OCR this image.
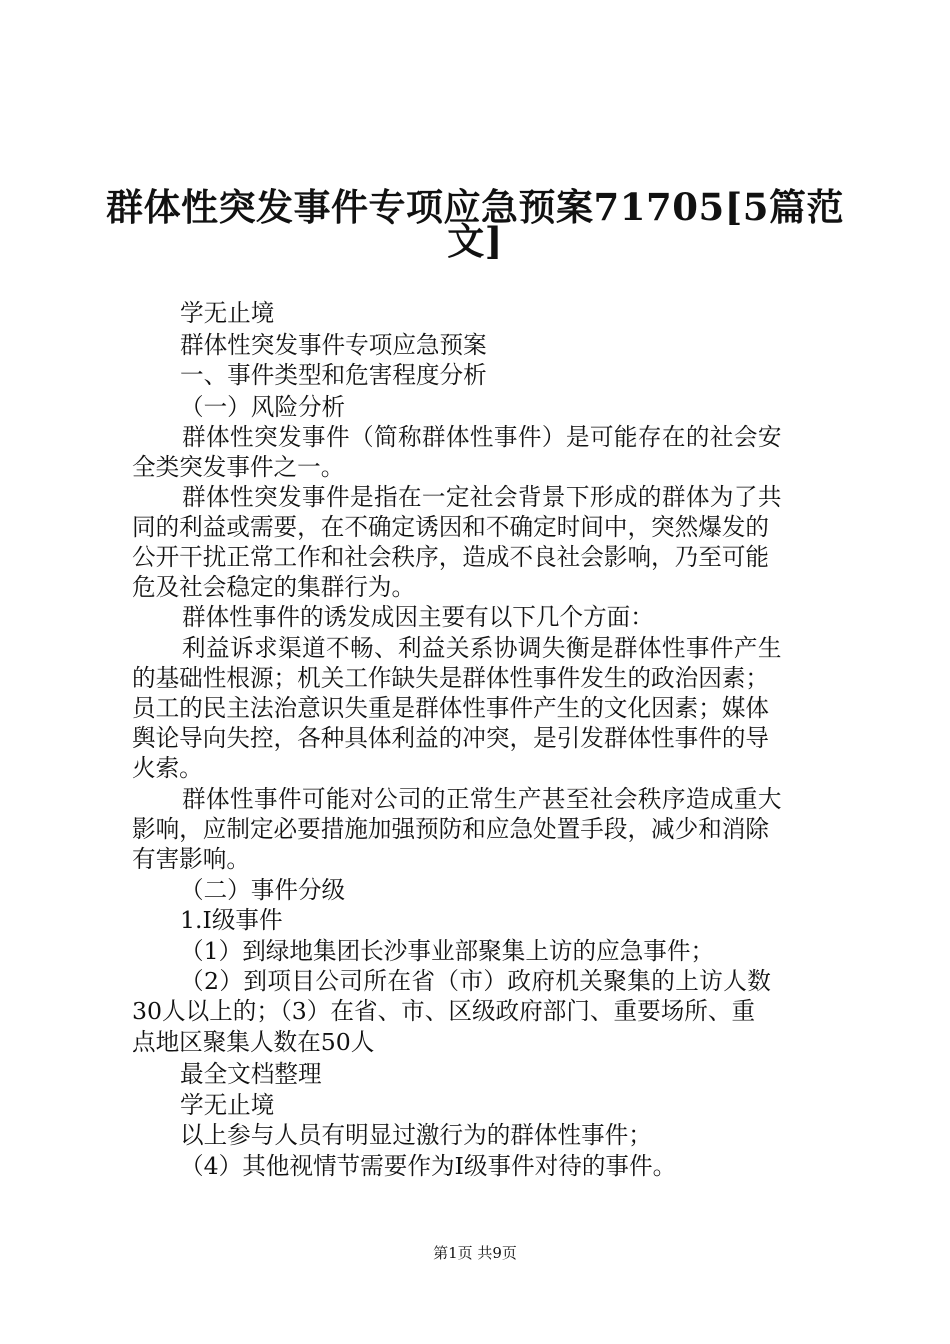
群体性突发事件专项应急预案71705[5篇范
文]

学无止境

群体性突发事件专项应急预案

一、事件类型和危害程度分析

（一）风险分析

群体性突发事件（简称群体性事件）是可能存在的社会安

全类突发事件之一。

群体性突发事件是指在一定社会背景下形成的群体为了共

同的利益或需要，在不确定诱因和不确定时间中，突然爆发的

公开干扰正常工作和社会秩序，造成不良社会影响，乃至可能

危及社会稳定的集群行为。

群体性事件的诱发成因主要有以下几个方面：

利益诉求渠道不畅、利益关系协调失衡是群体性事件产生

的基础性根源；机关工作缺失是群体性事件发生的政治因素；

员工的民主法治意识失重是群体性事件产生的文化因素；媒体

舆论导向失控，各种具体利益的冲突，是引发群体性事件的导

火索。

群体性事件可能对公司的正常生产甚至社会秩序造成重大

影响，应制定必要措施加强预防和应急处置手段，减少和消除

有害影响。

（二）事件分级

1.Ⅰ级事件

（1）到绿地集团长沙事业部聚集上访的应急事件；

（2）到项目公司所在省（市）政府机关聚集的上访人数

30人以上的；（3）在省、市、区级政府部门、重要场所、重

点地区聚集人数在50人

最全文档整理

学无止境

以上参与人员有明显过激行为的群体性事件；

（4）其他视情节需要作为Ⅰ级事件对待的事件。

第1页 共9页
